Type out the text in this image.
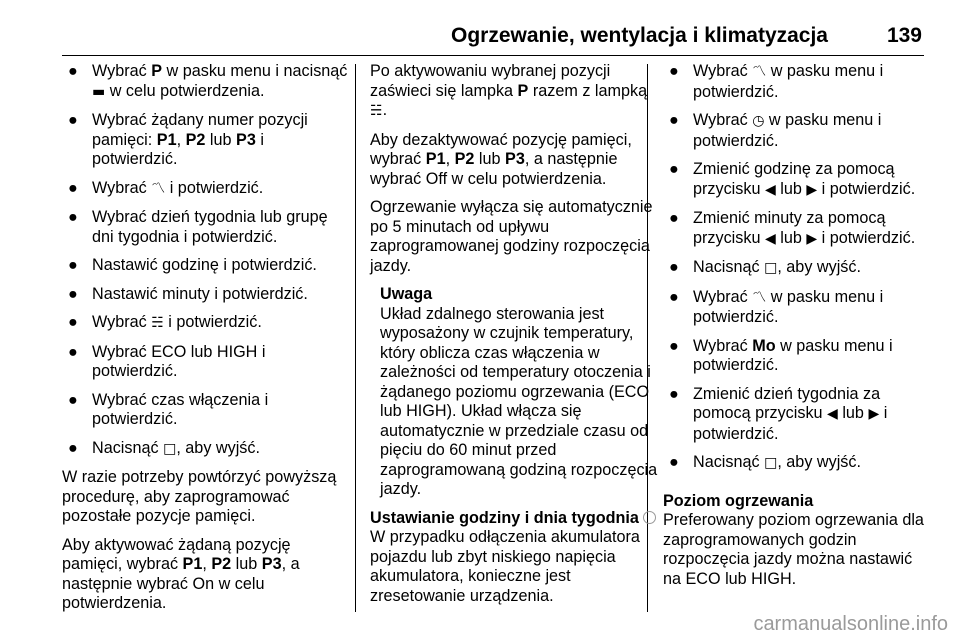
Ogrzewanie, wentylacja i klimatyzacja	139
● Wybrać P w pasku menu i nacisnąć ▬ w celu potwierdzenia.
● Wybrać żądany numer pozycji pamięci: P1, P2 lub P3 i potwierdzić.
● Wybrać 〽 i potwierdzić.
● Wybrać dzień tygodnia lub grupę dni tygodnia i potwierdzić.
● Nastawić godzinę i potwierdzić.
● Nastawić minuty i potwierdzić.
● Wybrać ☵ i potwierdzić.
● Wybrać ECO lub HIGH i potwierdzić.
● Wybrać czas włączenia i potwierdzić.
● Nacisnąć □, aby wyjść.

W razie potrzeby powtórzyć powyższą procedurę, aby zaprogramować pozostałe pozycje pamięci.

Aby aktywować żądaną pozycję pamięci, wybrać P1, P2 lub P3, a następnie wybrać On w celu potwierdzenia.

Po aktywowaniu wybranej pozycji zaświeci się lampka P razem z lampką ☵.

Aby dezaktywować pozycję pamięci, wybrać P1, P2 lub P3, a następnie wybrać Off w celu potwierdzenia.

Ogrzewanie wyłącza się automatycznie po 5 minutach od upływu zaprogramowanej godziny rozpoczęcia jazdy.

Uwaga
Układ zdalnego sterowania jest wyposażony w czujnik temperatury, który oblicza czas włączenia w zależności od temperatury otoczenia i żądanego poziomu ogrzewania (ECO lub HIGH). Układ włącza się automatycznie w przedziale czasu od pięciu do 60 minut przed zaprogramowaną godziną rozpoczęcia jazdy.
Ustawianie godziny i dnia tygodnia

W przypadku odłączenia akumulatora pojazdu lub zbyt niskiego napięcia akumulatora, konieczne jest zresetowanie urządzenia.

● Wybrać 〽 w pasku menu i potwierdzić.
● Wybrać ◷ w pasku menu i potwierdzić.
● Zmienić godzinę za pomocą przycisku ◀ lub ▶ i potwierdzić.
● Zmienić minuty za pomocą przycisku ◀ lub ▶ i potwierdzić.
● Nacisnąć □, aby wyjść.
● Wybrać 〽 w pasku menu i potwierdzić.
● Wybrać Mo w pasku menu i potwierdzić.
● Zmienić dzień tygodnia za pomocą przycisku ◀ lub ▶ i potwierdzić.
● Nacisnąć □, aby wyjść.
Poziom ogrzewania

Preferowany poziom ogrzewania dla zaprogramowanych godzin rozpoczęcia jazdy można nastawić na ECO lub HIGH.

carmanualsonline.info
